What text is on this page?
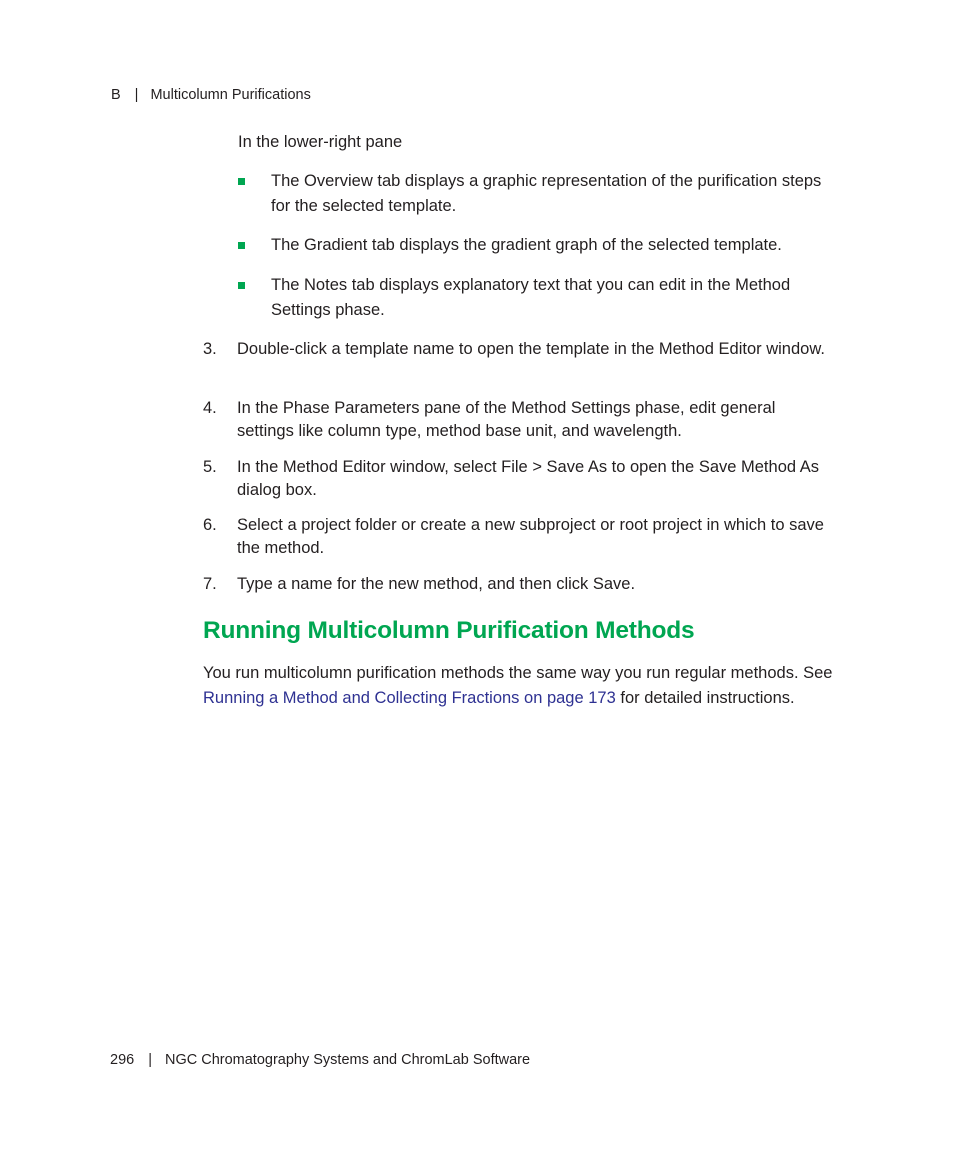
B | Multicolumn Purifications
In the lower-right pane
The Overview tab displays a graphic representation of the purification steps for the selected template.
The Gradient tab displays the gradient graph of the selected template.
The Notes tab displays explanatory text that you can edit in the Method Settings phase.
3. Double-click a template name to open the template in the Method Editor window.
4. In the Phase Parameters pane of the Method Settings phase, edit general settings like column type, method base unit, and wavelength.
5. In the Method Editor window, select File > Save As to open the Save Method As dialog box.
6. Select a project folder or create a new subproject or root project in which to save the method.
7. Type a name for the new method, and then click Save.
Running Multicolumn Purification Methods
You run multicolumn purification methods the same way you run regular methods. See Running a Method and Collecting Fractions on page 173 for detailed instructions.
296 | NGC Chromatography Systems and ChromLab Software
